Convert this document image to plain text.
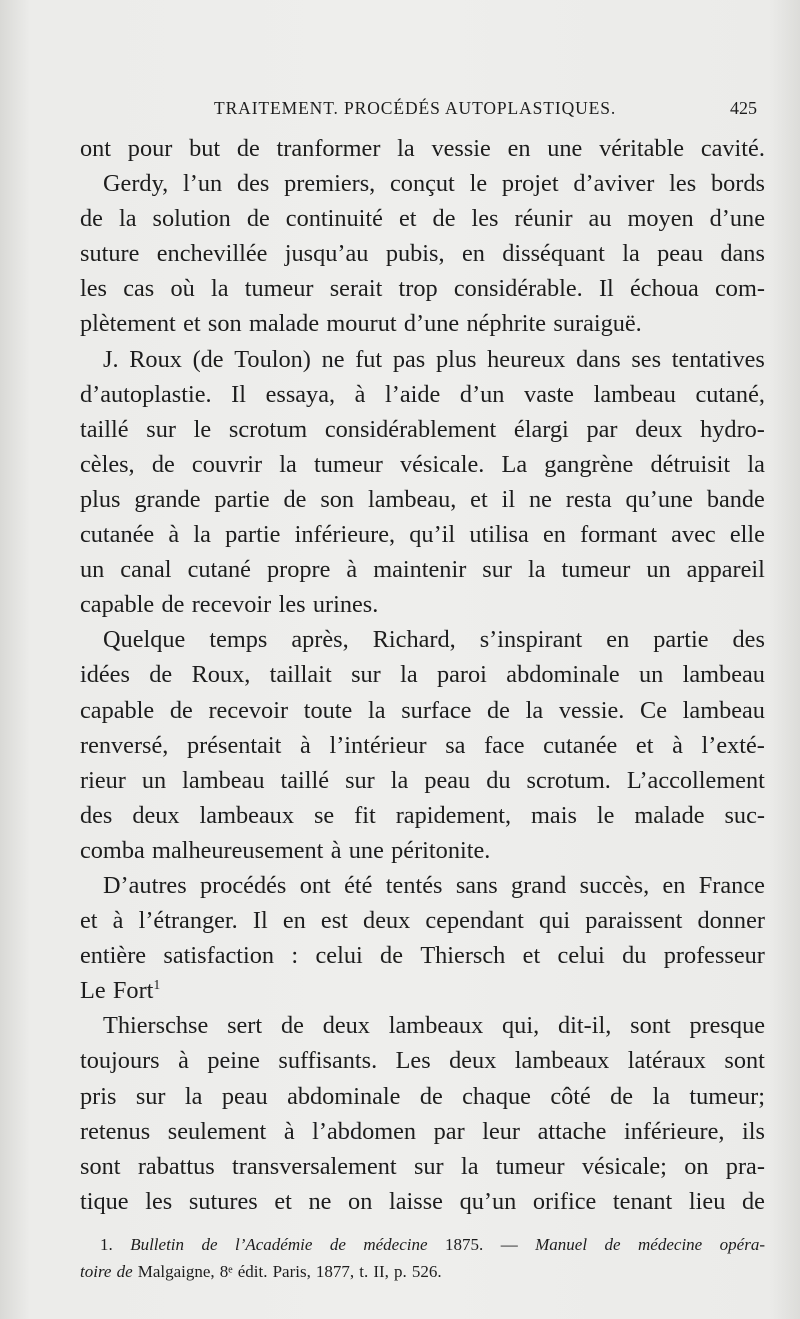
TRAITEMENT. PROCÉDÉS AUTOPLASTIQUES.	425
ont pour but de tranformer la vessie en une véritable cavité.
Gerdy, l’un des premiers, conçut le projet d’aviver les bords
de la solution de continuité et de les réunir au moyen d’une
suture enchevillée jusqu’au pubis, en disséquant la peau dans
les cas où la tumeur serait trop considérable. Il échoua com-
plètement et son malade mourut d’une néphrite suraiguë.
J. Roux (de Toulon) ne fut pas plus heureux dans ses tentatives
d’autoplastie. Il essaya, à l’aide d’un vaste lambeau cutané,
taillé sur le scrotum considérablement élargi par deux hydro-
cèles, de couvrir la tumeur vésicale. La gangrène détruisit la
plus grande partie de son lambeau, et il ne resta qu’une bande
cutanée à la partie inférieure, qu’il utilisa en formant avec elle
un canal cutané propre à maintenir sur la tumeur un appareil
capable de recevoir les urines.
Quelque temps après, Richard, s’inspirant en partie des
idées de Roux, taillait sur la paroi abdominale un lambeau
capable de recevoir toute la surface de la vessie. Ce lambeau
renversé, présentait à l’intérieur sa face cutanée et à l’exté-
rieur un lambeau taillé sur la peau du scrotum. L’accollement
des deux lambeaux se fit rapidement, mais le malade suc-
comba malheureusement à une péritonite.
D’autres procédés ont été tentés sans grand succès, en France
et à l’étranger. Il en est deux cependant qui paraissent donner
entière satisfaction : celui de Thiersch et celui du professeur
Le Fort$^1$
Thierschse sert de deux lambeaux qui, dit-il, sont presque
toujours à peine suffisants. Les deux lambeaux latéraux sont
pris sur la peau abdominale de chaque côté de la tumeur;
retenus seulement à l’abdomen par leur attache inférieure, ils
sont rabattus transversalement sur la tumeur vésicale; on pra-
tique les sutures et ne on laisse qu’un orifice tenant lieu de
1. Bulletin de l’Académie de médecine 1875. — Manuel de médecine opéra-
toire de Malgaigne, 8ᵉ édit. Paris, 1877, t. II, p. 526.
